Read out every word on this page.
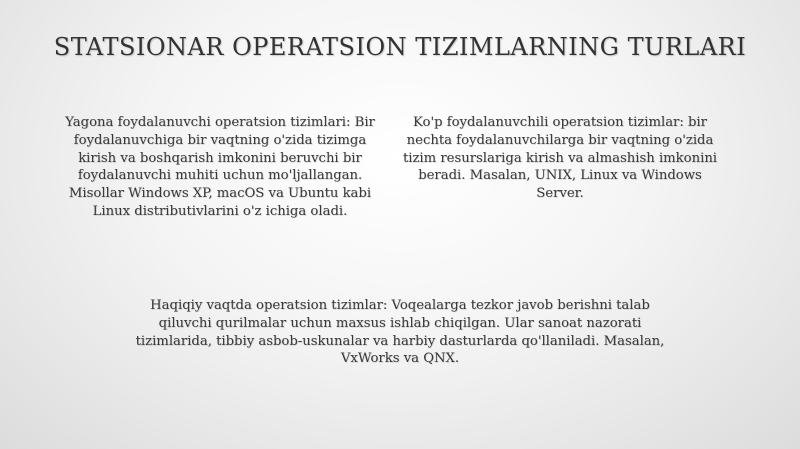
STATSIONAR OPERATSION TIZIMLARNING TURLARI
Yagona foydalanuvchi operatsion tizimlari: Bir foydalanuvchiga bir vaqtning o'zida tizimga kirish va boshqarish imkonini beruvchi bir foydalanuvchi muhiti uchun mo'ljallangan. Misollar Windows XP, macOS va Ubuntu kabi Linux distributivlarini o'z ichiga oladi.
Ko'p foydalanuvchili operatsion tizimlar: bir nechta foydalanuvchilarga bir vaqtning o'zida tizim resurslariga kirish va almashish imkonini beradi. Masalan, UNIX, Linux va Windows Server.
Haqiqiy vaqtda operatsion tizimlar: Voqealarga tezkor javob berishni talab qiluvchi qurilmalar uchun maxsus ishlab chiqilgan. Ular sanoat nazorati tizimlarida, tibbiy asbob-uskunalar va harbiy dasturlarda qo'llaniladi. Masalan, VxWorks va QNX.
